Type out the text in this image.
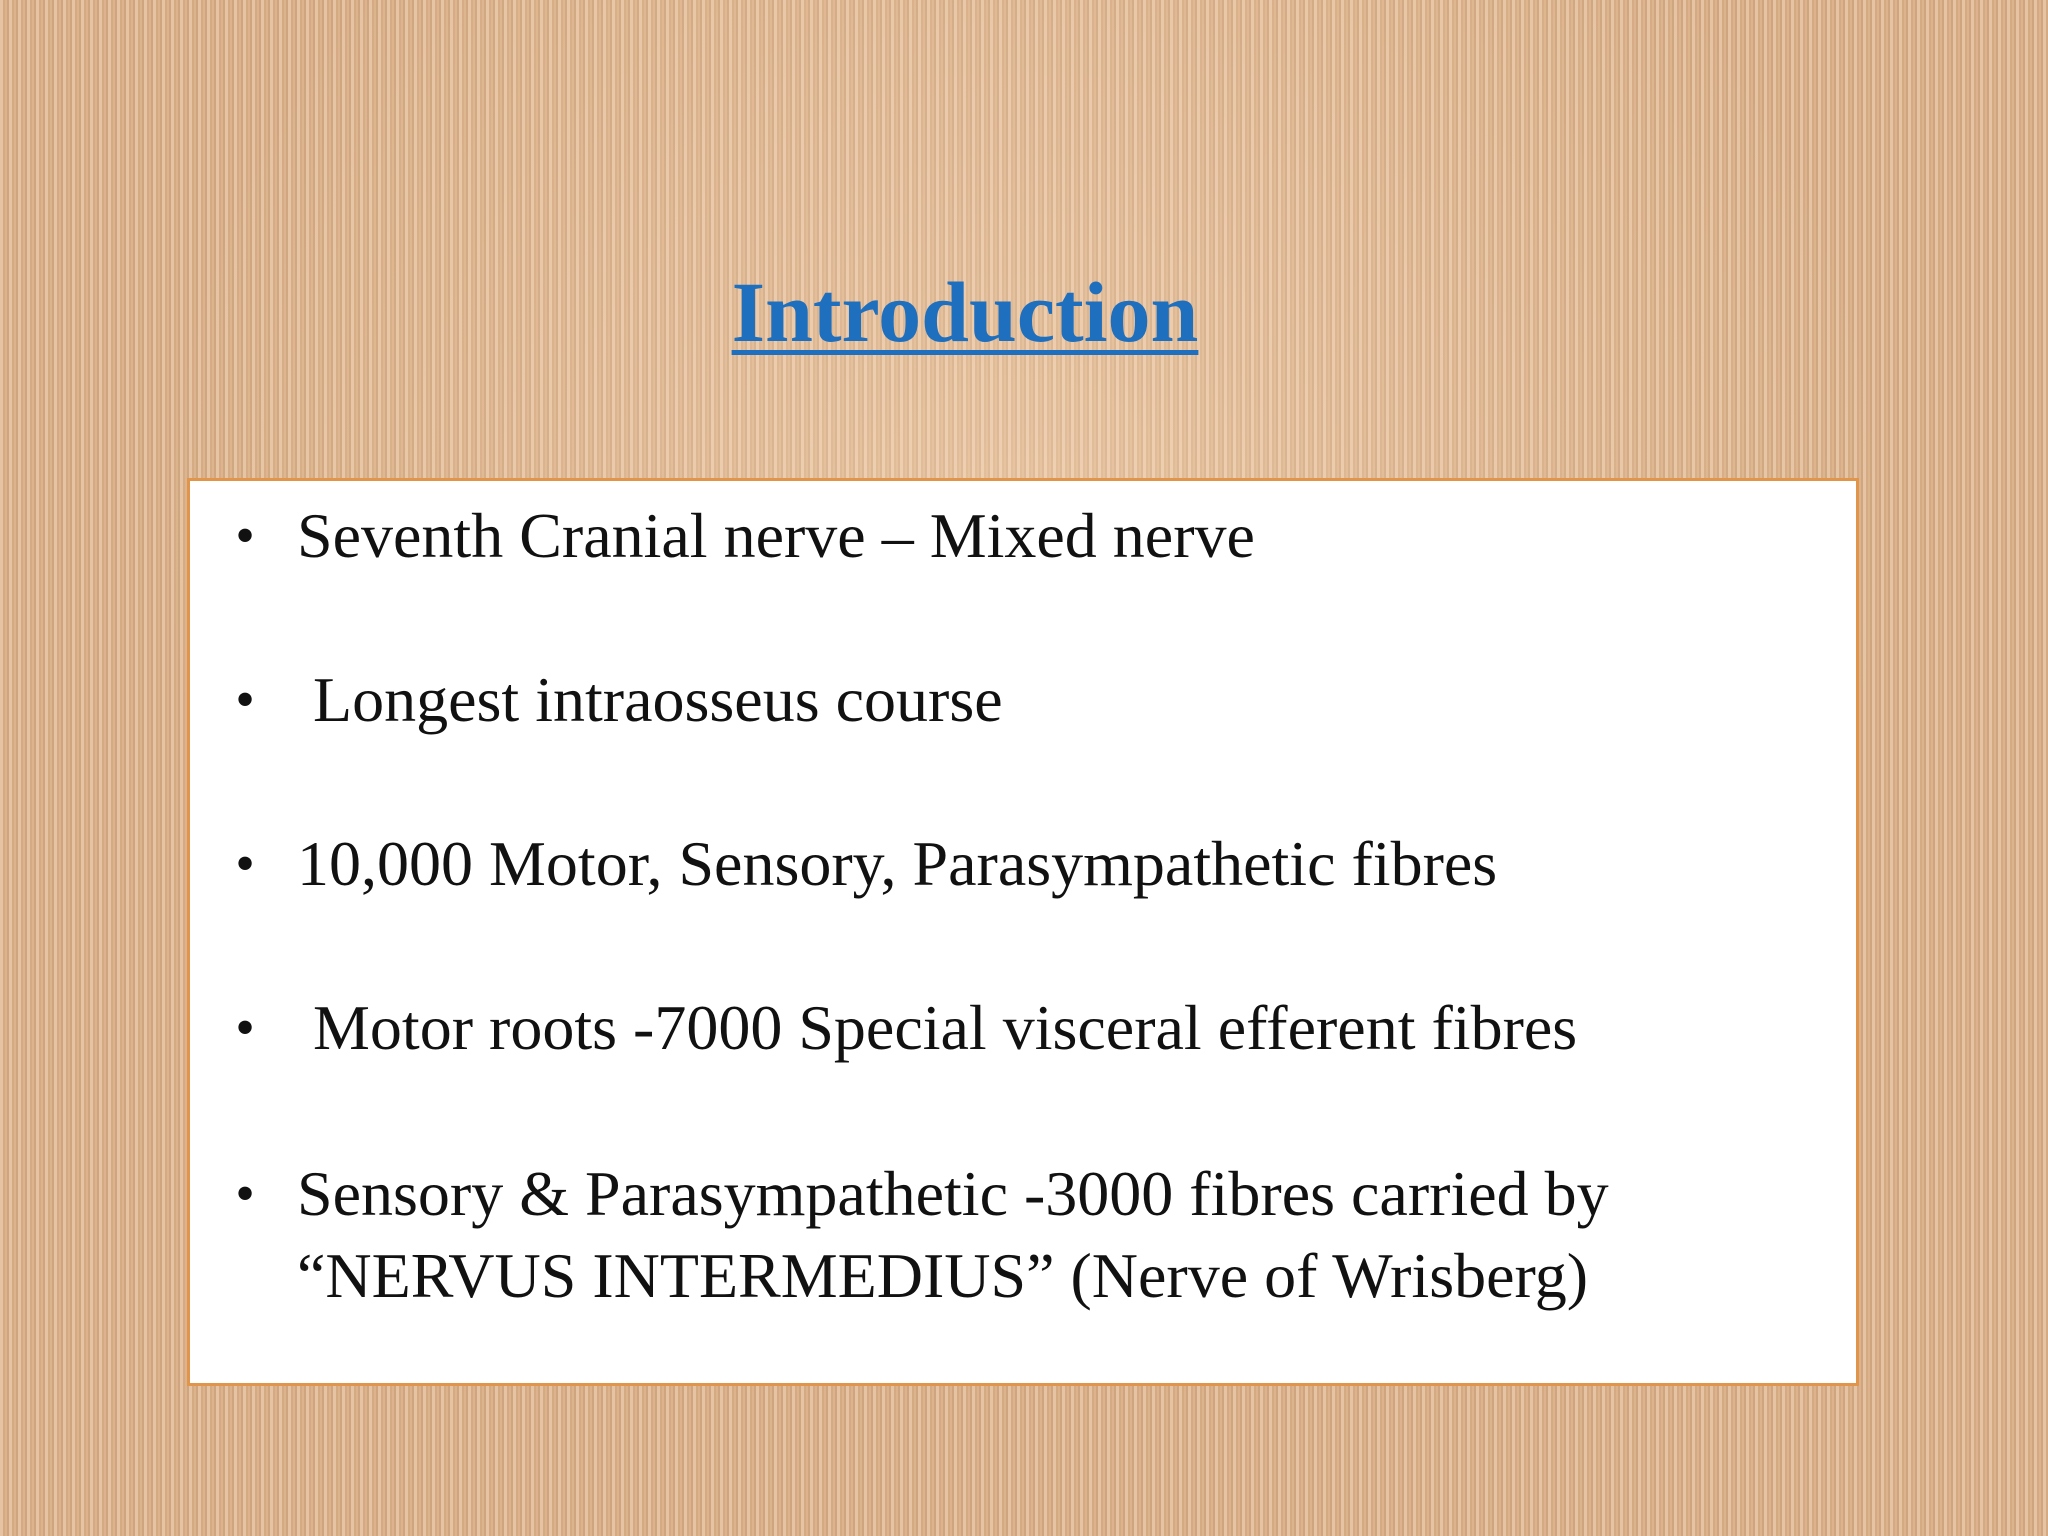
Introduction
• Seventh Cranial nerve – Mixed nerve
• Longest intraosseus course
• 10,000 Motor, Sensory, Parasympathetic fibres
• Motor roots -7000 Special visceral efferent fibres
• Sensory & Parasympathetic -3000 fibres carried by
“NERVUS INTERMEDIUS” (Nerve of Wrisberg)
